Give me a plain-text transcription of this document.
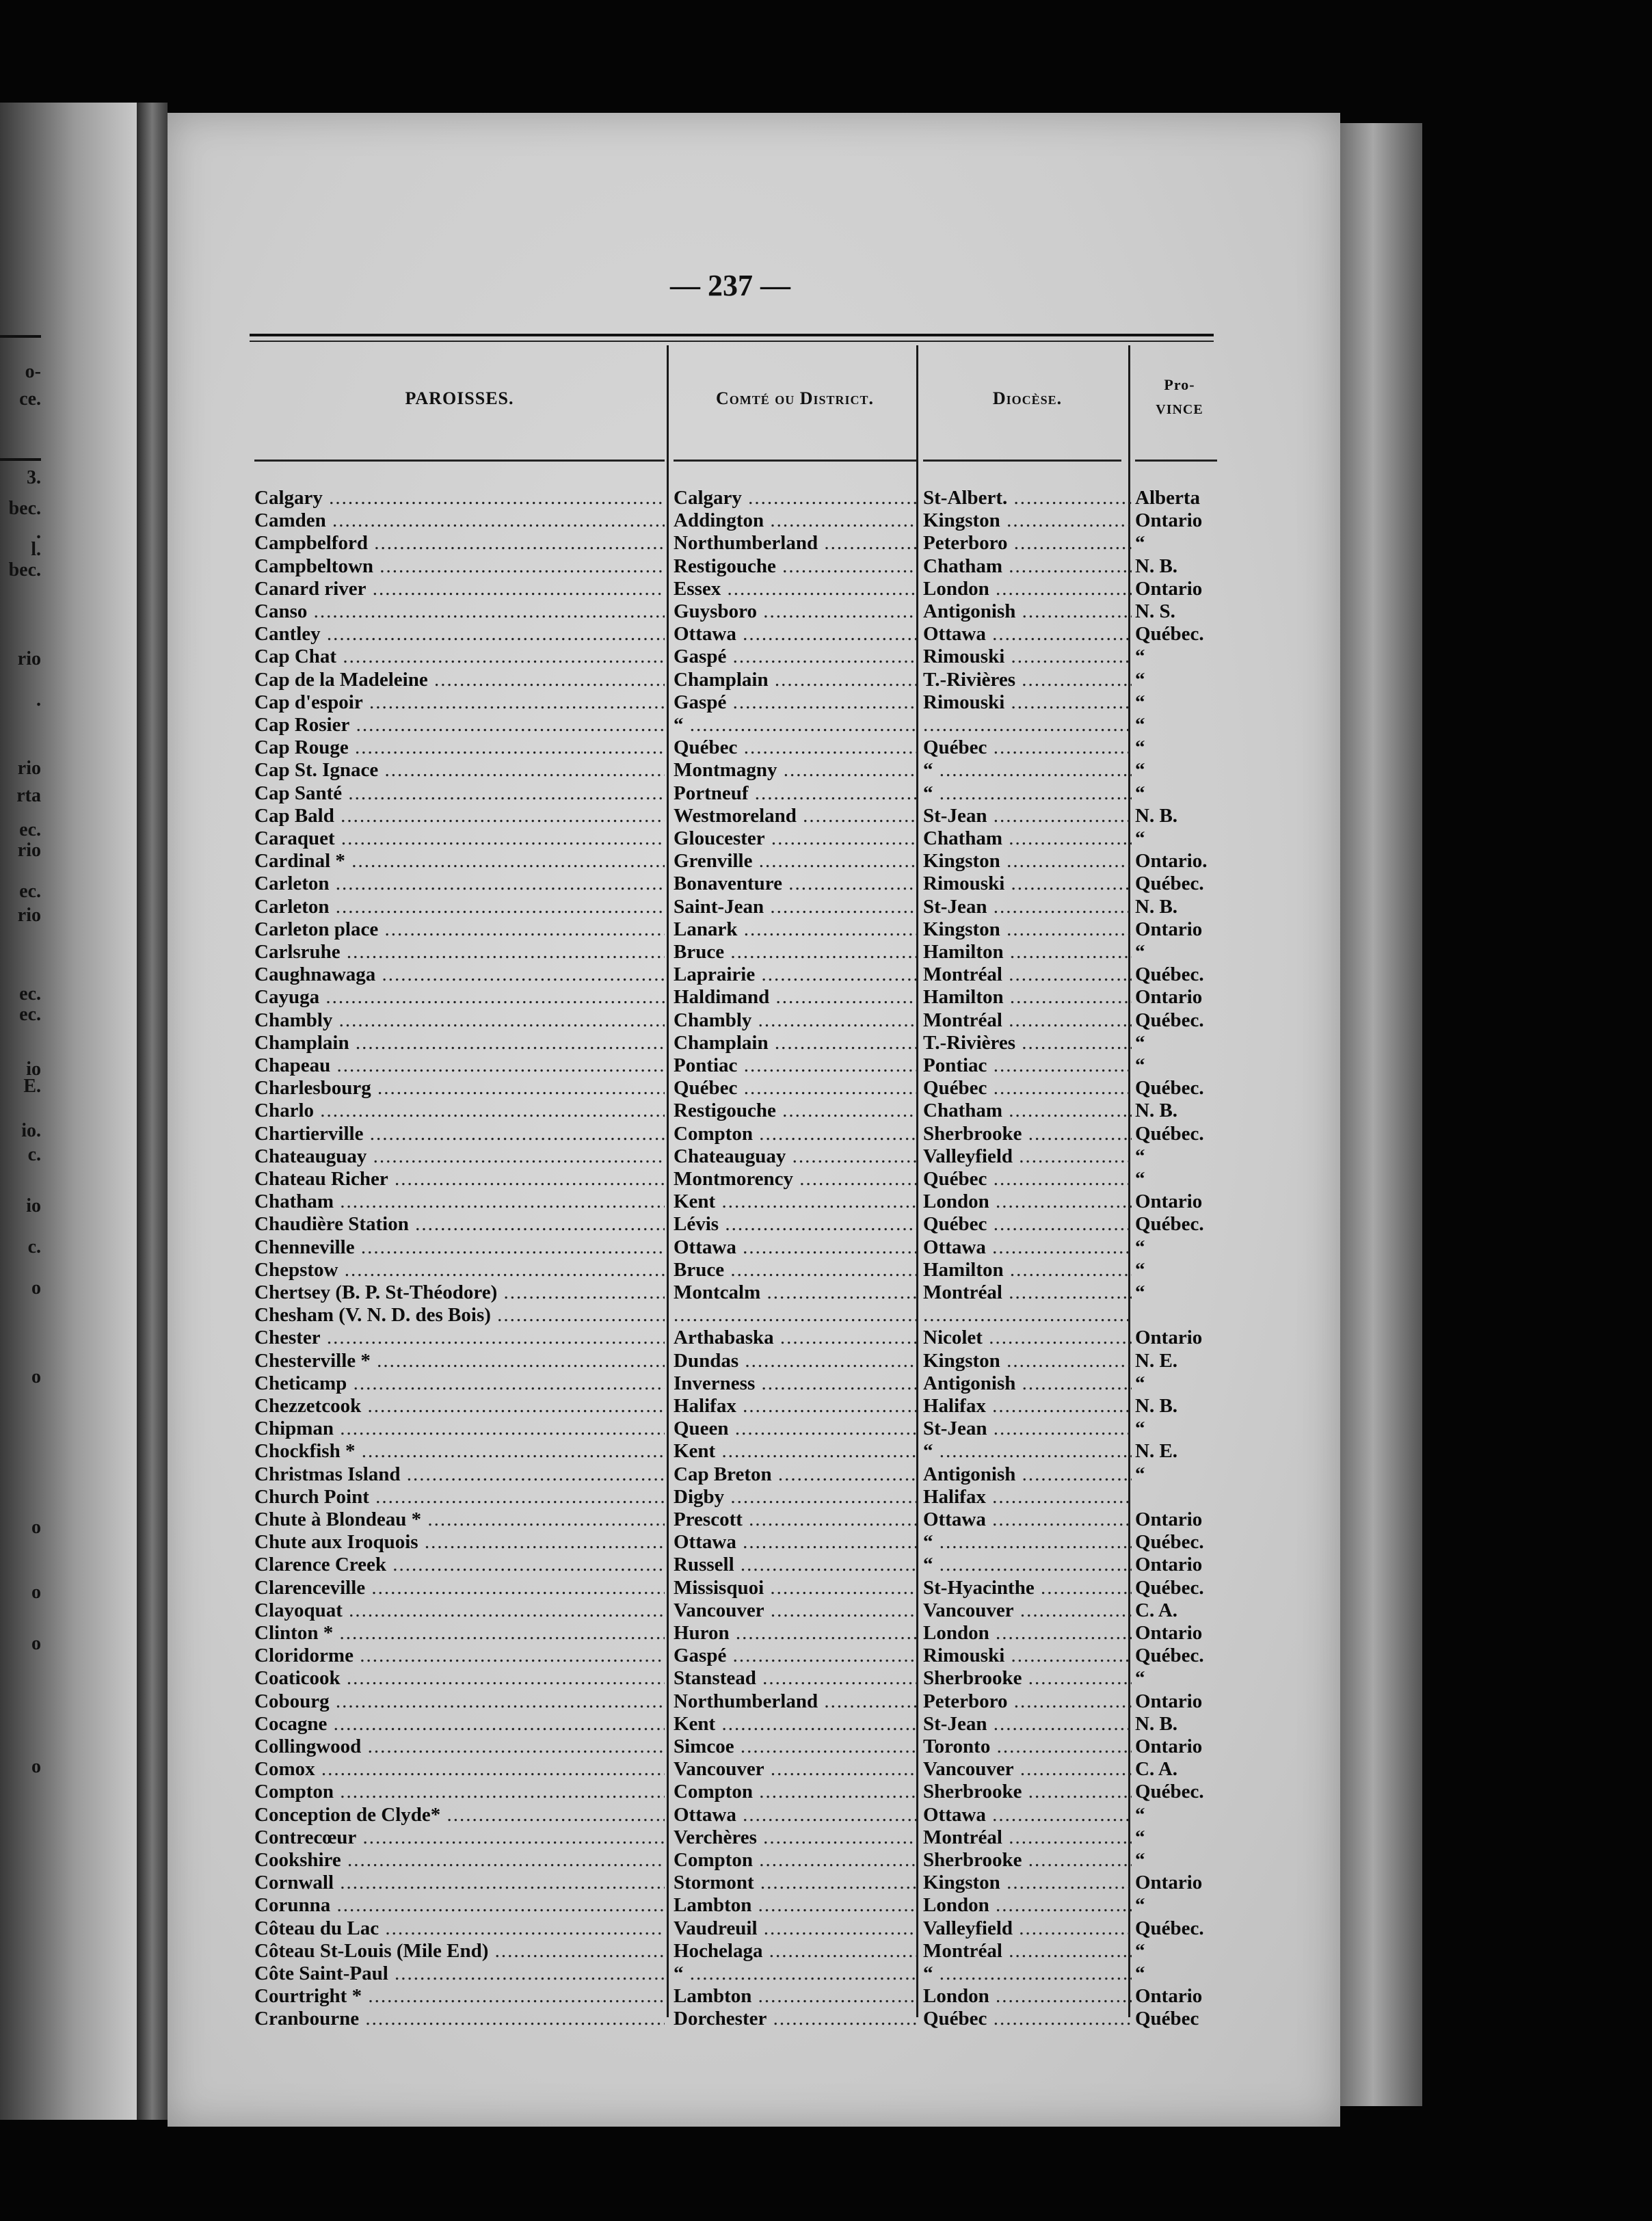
o-
ce.
3.
bec.
.
l.
bec.
rio
.
rio
rta
ec.
rio
ec.
rio
ec.
ec.
io
E.
io.
c.
io
c.
o
o
o
o
o
o
— 237 —
PAROISSES.	Comté ou District.	Diocèse.
Pro-
VINCE
Calgary .....	Calgary .....	St-Albert. .....	Alberta
Camden .....	Addington .....	Kingston .....	Ontario
Campbelford .....	Northumberland .....	Peterboro .....	“
Campbeltown .....	Restigouche .....	Chatham .....	N. B.
Canard river .....	Essex .....	London .....	Ontario
Canso .....	Guysboro .....	Antigonish .....	N. S.
Cantley .....	Ottawa .....	Ottawa .....	Québec.
Cap Chat .....	Gaspé .....	Rimouski .....	“
Cap de la Madeleine .....	Champlain .....	T.-Rivières .....	“
Cap d'espoir .....	Gaspé .....	Rimouski .....	“
Cap Rosier .....	“ .....
.....	“
Cap Rouge .....	Québec .....	Québec .....	“
Cap St. Ignace .....	Montmagny .....	“ .....	“
Cap Santé .....	Portneuf .....	“ .....	“
Cap Bald .....	Westmoreland .....	St-Jean .....	N. B.
Caraquet .....	Gloucester .....	Chatham .....	“
Cardinal * .....	Grenville .....	Kingston .....	Ontario.
Carleton .....	Bonaventure .....	Rimouski .....	Québec.
Carleton .....	Saint-Jean .....	St-Jean .....	N. B.
Carleton place .....	Lanark .....	Kingston .....	Ontario
Carlsruhe .....	Bruce .....	Hamilton .....	“
Caughnawaga .....	Laprairie .....	Montréal .....	Québec.
Cayuga .....	Haldimand .....	Hamilton .....	Ontario
Chambly .....	Chambly .....	Montréal .....	Québec.
Champlain .....	Champlain .....	T.-Rivières .....	“
Chapeau .....	Pontiac .....	Pontiac .....	“
Charlesbourg .....	Québec .....	Québec .....	Québec.
Charlo .....	Restigouche .....	Chatham .....	N. B.
Chartierville .....	Compton .....	Sherbrooke .....	Québec.
Chateauguay .....	Chateauguay .....	Valleyfield .....	“
Chateau Richer .....	Montmorency .....	Québec .....	“
Chatham .....	Kent .....	London .....	Ontario
Chaudière Station .....	Lévis .....	Québec .....	Québec.
Chenneville .....	Ottawa .....	Ottawa .....	“
Chepstow .....	Bruce .....	Hamilton .....	“
Chertsey (B. P. St-Théodore) .....	Montcalm .....	Montréal .....	“
Chesham (V. N. D. des Bois) .....
.....
.....
Chester .....	Arthabaska .....	Nicolet .....	Ontario
Chesterville * .....	Dundas .....	Kingston .....	N. E.
Cheticamp .....	Inverness .....	Antigonish .....	“
Chezzetcook .....	Halifax .....	Halifax .....	N. B.
Chipman .....	Queen .....	St-Jean .....	“
Chockfish * .....	Kent .....	“ .....	N. E.
Christmas Island .....	Cap Breton .....	Antigonish .....	“
Church Point .....	Digby .....	Halifax .....
Chute à Blondeau * .....	Prescott .....	Ottawa .....	Ontario
Chute aux Iroquois .....	Ottawa .....	“ .....	Québec.
Clarence Creek .....	Russell .....	“ .....	Ontario
Clarenceville .....	Missisquoi .....	St-Hyacinthe .....	Québec.
Clayoquat .....	Vancouver .....	Vancouver .....	C. A.
Clinton * .....	Huron .....	London .....	Ontario
Cloridorme .....	Gaspé .....	Rimouski .....	Québec.
Coaticook .....	Stanstead .....	Sherbrooke .....	“
Cobourg .....	Northumberland .....	Peterboro .....	Ontario
Cocagne .....	Kent .....	St-Jean .....	N. B.
Collingwood .....	Simcoe .....	Toronto .....	Ontario
Comox .....	Vancouver .....	Vancouver .....	C. A.
Compton .....	Compton .....	Sherbrooke .....	Québec.
Conception de Clyde* .....	Ottawa .....	Ottawa .....	“
Contrecœur .....	Verchères .....	Montréal .....	“
Cookshire .....	Compton .....	Sherbrooke .....	“
Cornwall .....	Stormont .....	Kingston .....	Ontario
Corunna .....	Lambton .....	London .....	“
Côteau du Lac .....	Vaudreuil .....	Valleyfield .....	Québec.
Côteau St-Louis (Mile End) .....	Hochelaga .....	Montréal .....	“
Côte Saint-Paul .....	“ .....	“ .....	“
Courtright * .....	Lambton .....	London .....	Ontario
Cranbourne .....	Dorchester .....	Québec .....	Québec
